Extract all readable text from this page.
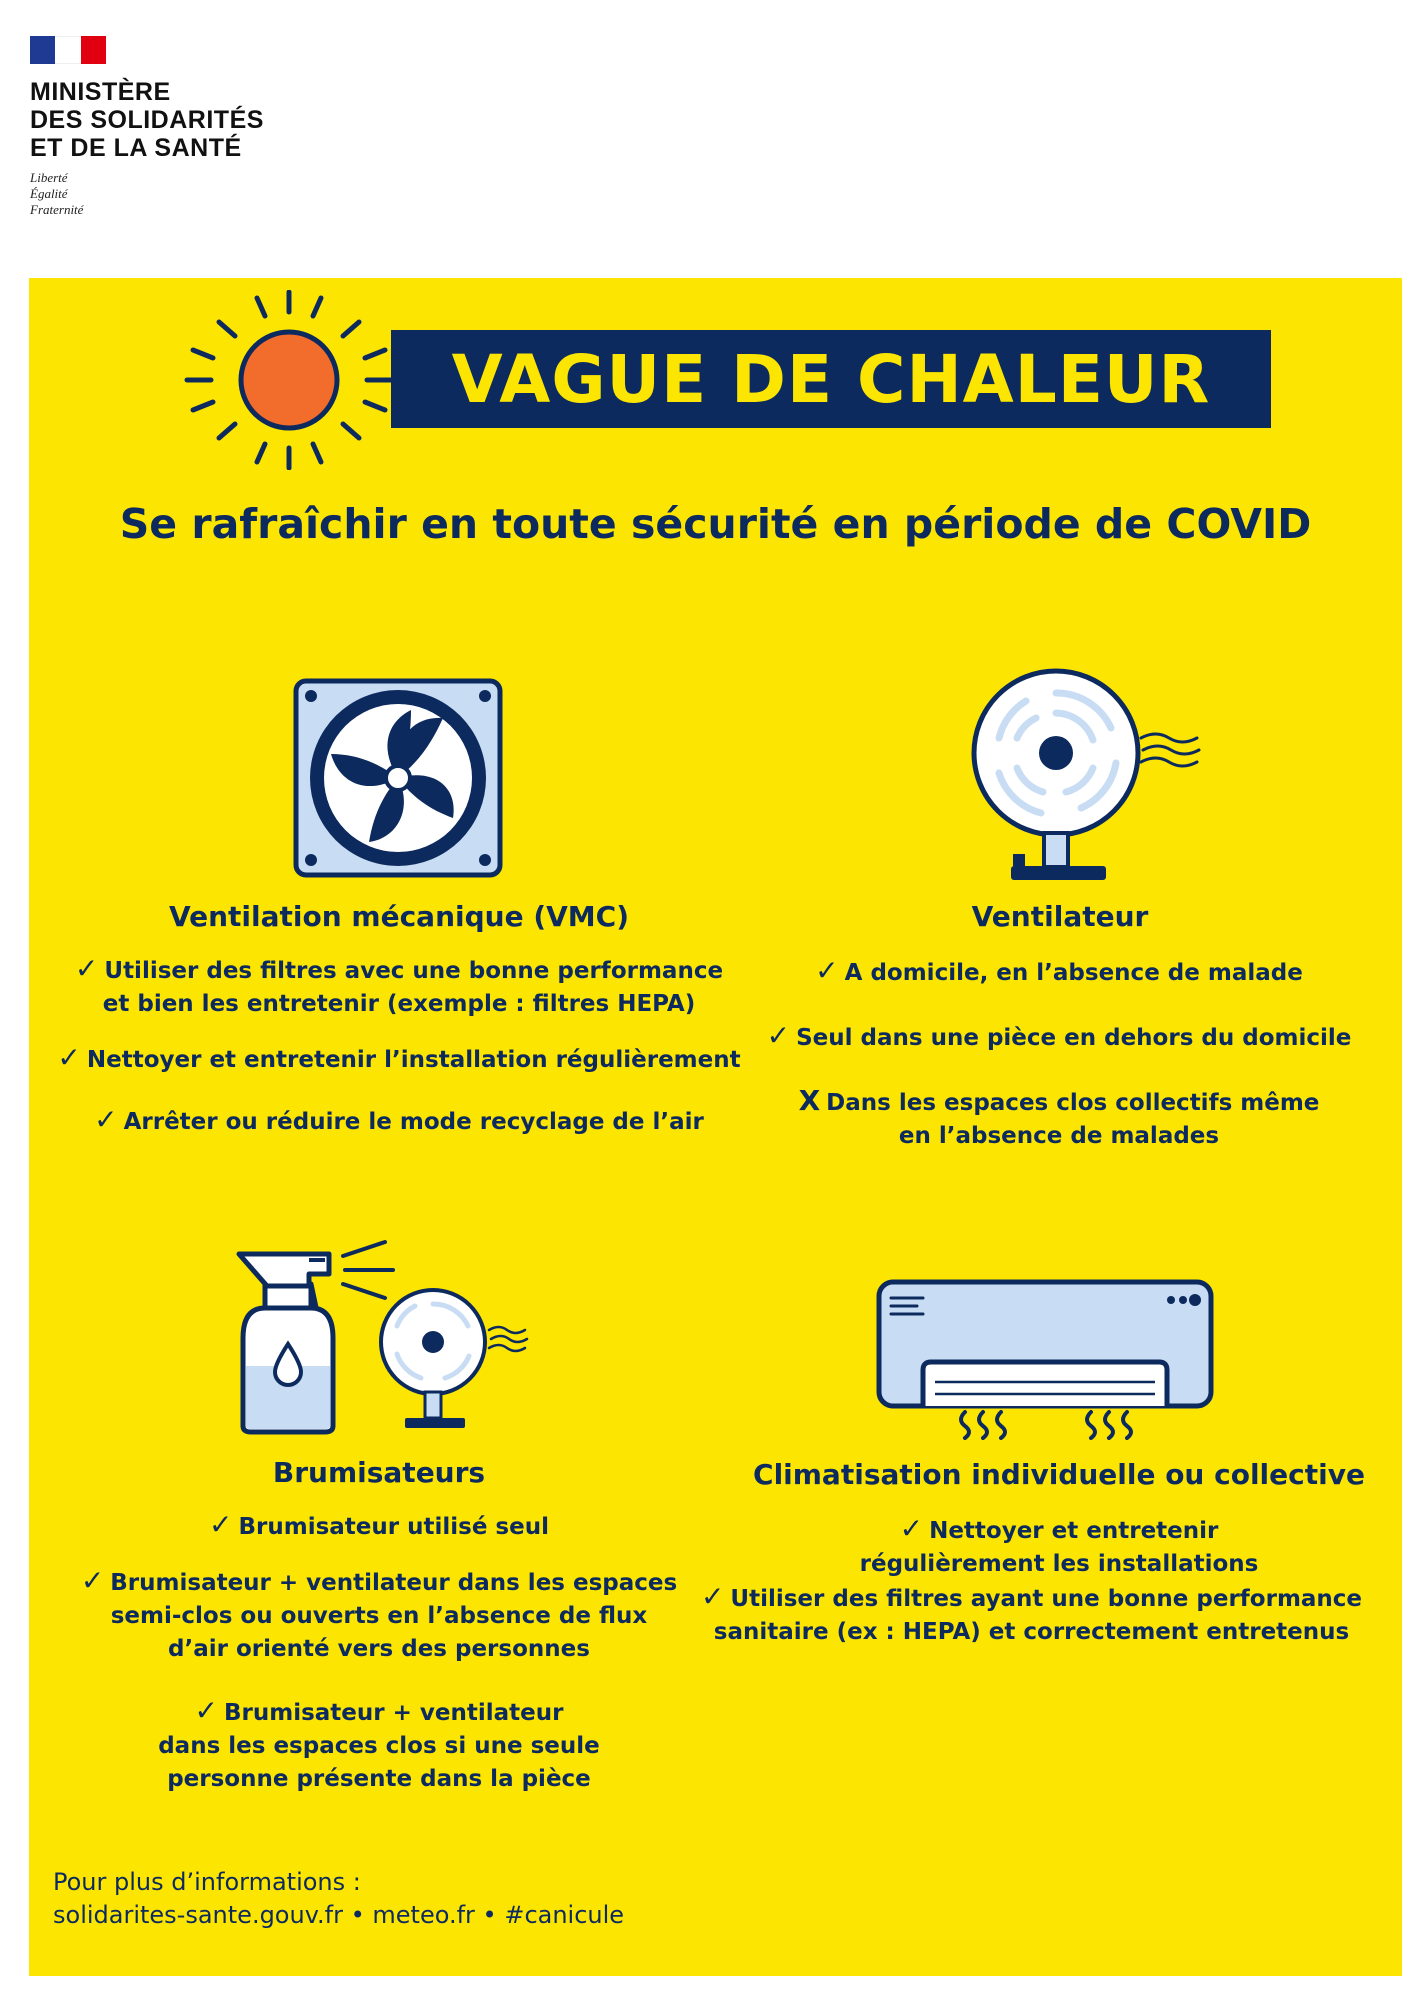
MINISTÈRE
DES SOLIDARITÉS
ET DE LA SANTÉ
Liberté
Égalité
Fraternité
VAGUE DE CHALEUR
Se rafraîchir en toute sécurité en période de COVID
Ventilation mécanique (VMC)
✓ Utiliser des filtres avec une bonne performance
et bien les entretenir (exemple : filtres HEPA)
✓ Nettoyer et entretenir l’installation régulièrement
✓ Arrêter ou réduire le mode recyclage de l’air
Ventilateur
✓ A domicile, en l’absence de malade
✓ Seul dans une pièce en dehors du domicile
X Dans les espaces clos collectifs même
en l’absence de malades
Brumisateurs
✓ Brumisateur utilisé seul
✓ Brumisateur + ventilateur dans les espaces
semi-clos ou ouverts en l’absence de flux
d’air orienté vers des personnes
✓ Brumisateur + ventilateur
dans les espaces clos si une seule
personne présente dans la pièce
Climatisation individuelle ou collective
✓ Nettoyer et entretenir
régulièrement les installations
✓ Utiliser des filtres ayant une bonne performance
sanitaire (ex : HEPA) et correctement entretenus
Pour plus d’informations :
solidarites-sante.gouv.fr • meteo.fr • #canicule
